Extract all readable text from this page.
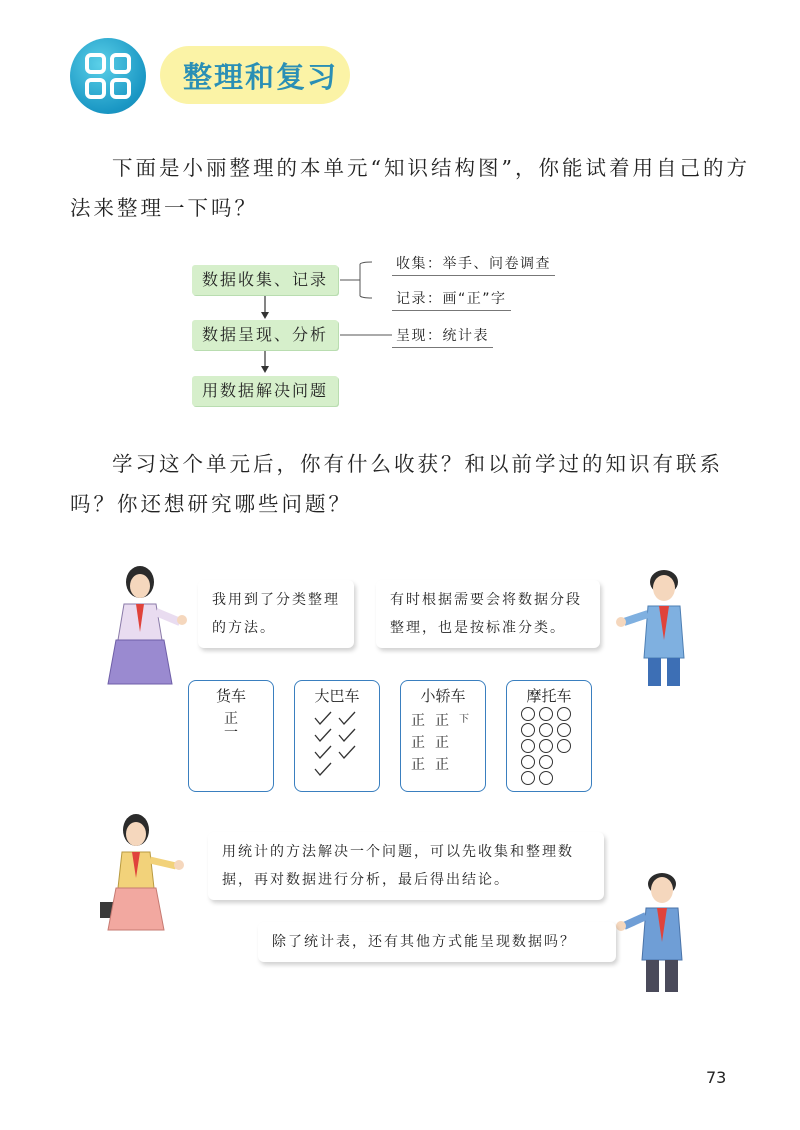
整理和复习
下面是小丽整理的本单元“知识结构图”，你能试着用自己的方法来整理一下吗？
数据收集、记录
数据呈现、分析
用数据解决问题
收集：举手、问卷调查
记录：画“正”字
呈现：统计表
学习这个单元后，你有什么收获？和以前学过的知识有联系吗？你还想研究哪些问题？
我用到了分类整理的方法。
有时根据需要会将数据分段整理，也是按标准分类。
货车
正
一
大巴车	小轿车
正 正 下
正 正
正 正
摩托车
用统计的方法解决一个问题，可以先收集和整理数据，再对数据进行分析，最后得出结论。
除了统计表，还有其他方式能呈现数据吗？
73
